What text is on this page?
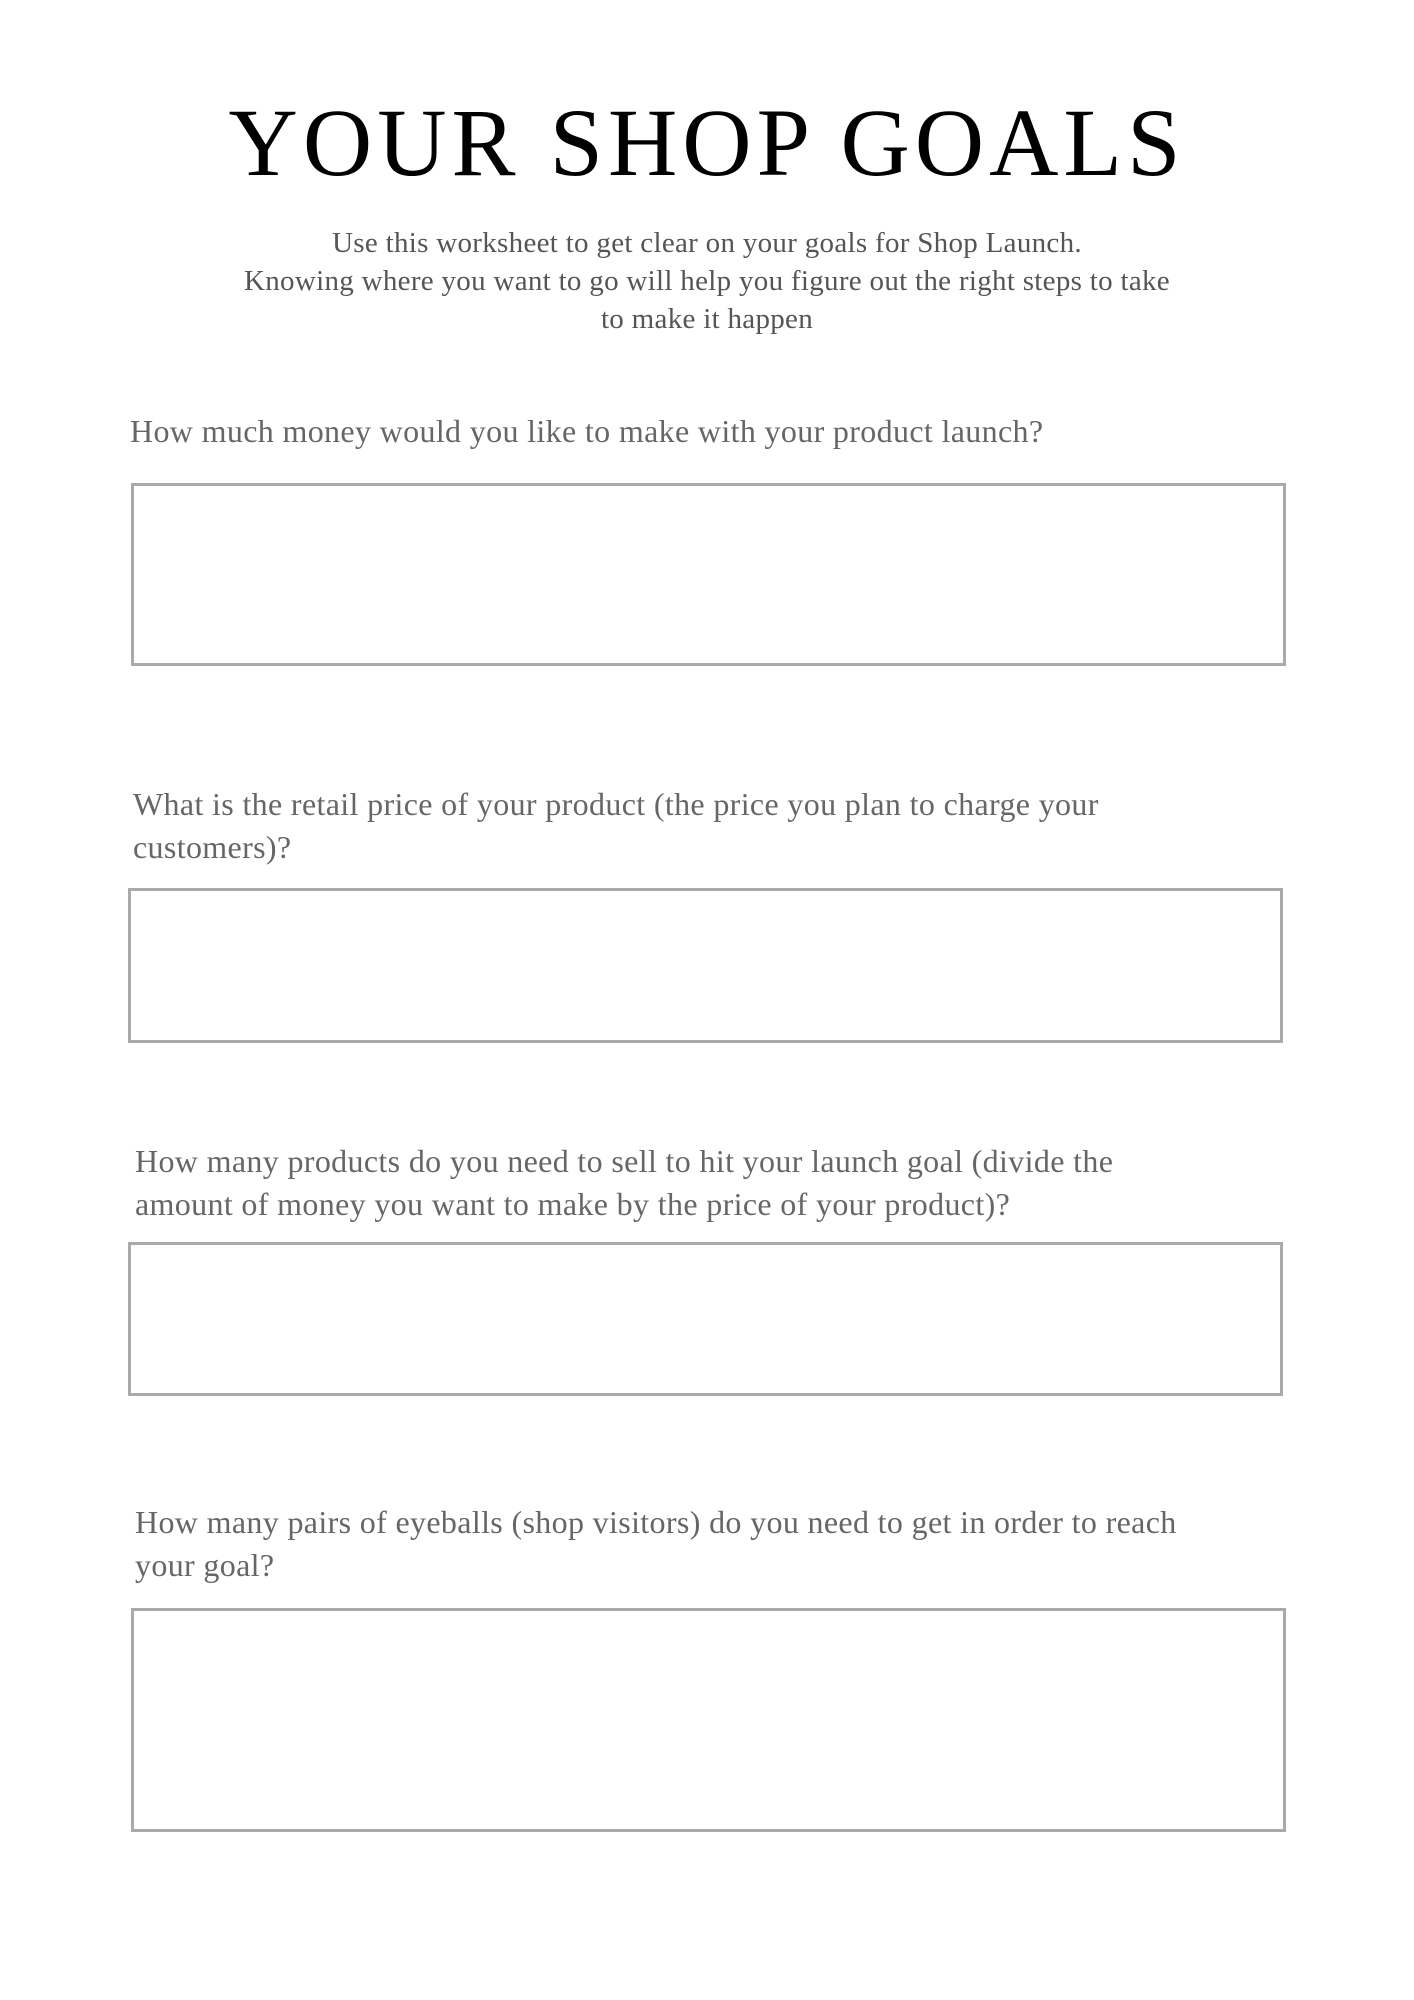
YOUR SHOP GOALS
Use this worksheet to get clear on your goals for Shop Launch.
Knowing where you want to go will help you figure out the right steps to take
to make it happen

How much money would you like to make with your product launch?

What is the retail price of your product (the price you plan to charge your
customers)?

How many products do you need to sell to hit your launch goal (divide the
amount of money you want to make by the price of your product)?

How many pairs of eyeballs (shop visitors) do you need to get in order to reach
your goal?
